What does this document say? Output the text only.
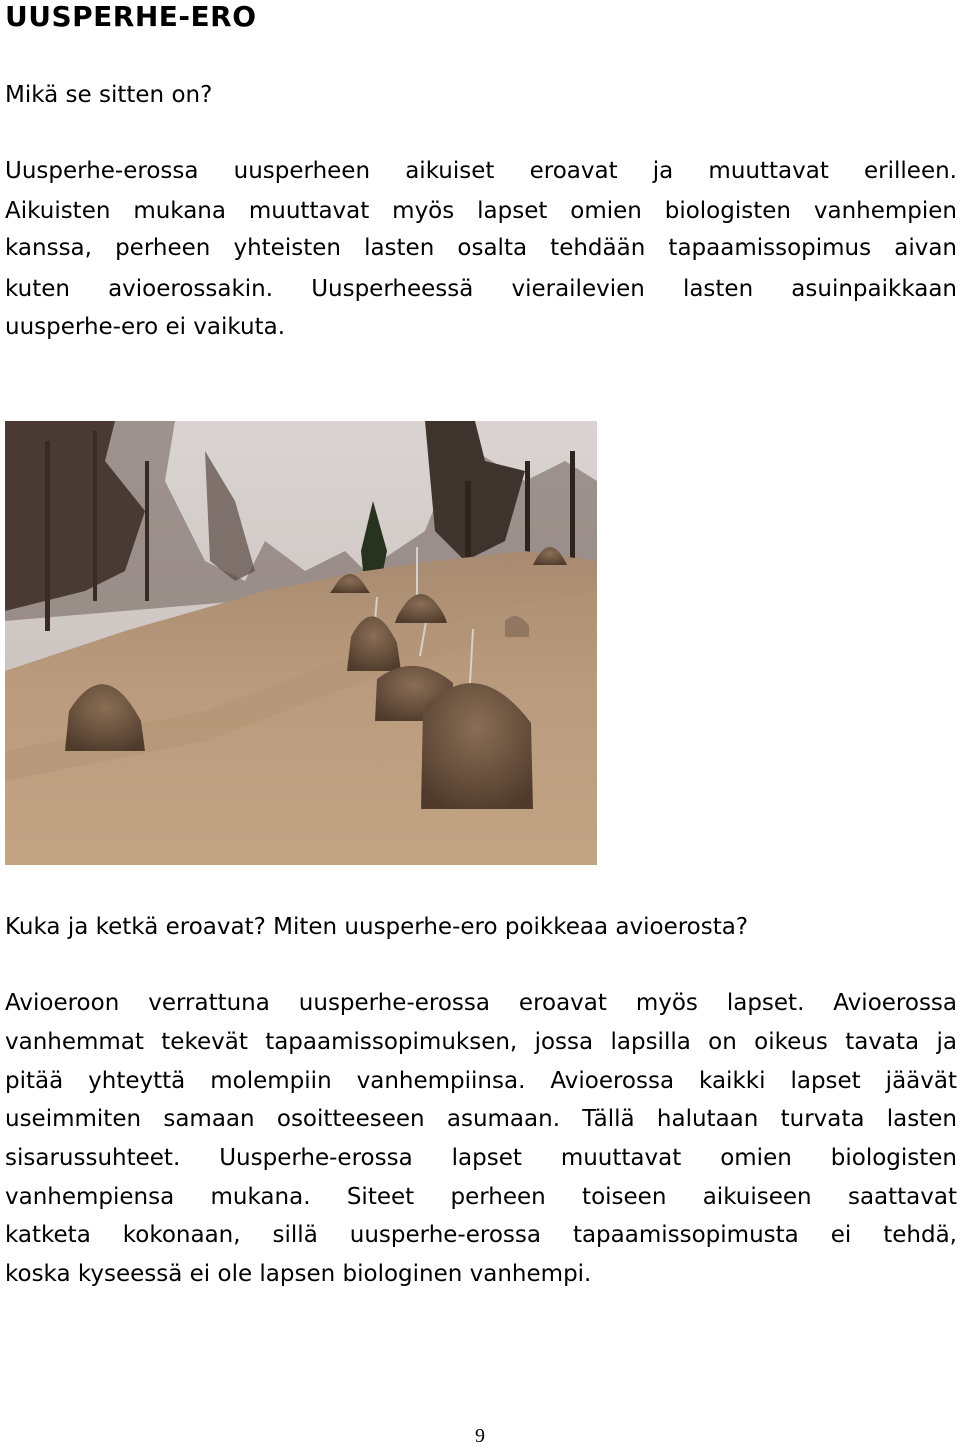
UUSPERHE-ERO

Mikä se sitten on?

Uusperhe-erossa uusperheen aikuiset eroavat ja muuttavat erilleen.

Aikuisten mukana muuttavat myös lapset omien biologisten vanhempien

kanssa, perheen yhteisten lasten osalta tehdään tapaamissopimus aivan

kuten avioerossakin. Uusperheessä vierailevien lasten asuinpaikkaan

uusperhe-ero ei vaikuta.

Kuka ja ketkä eroavat? Miten uusperhe-ero poikkeaa avioerosta?

Avioeroon verrattuna uusperhe-erossa eroavat myös lapset. Avioerossa

vanhemmat tekevät tapaamissopimuksen, jossa lapsilla on oikeus tavata ja

pitää yhteyttä molempiin vanhempiinsa. Avioerossa kaikki lapset jäävät

useimmiten samaan osoitteeseen asumaan. Tällä halutaan turvata lasten

sisarussuhteet. Uusperhe-erossa lapset muuttavat omien biologisten

vanhempiensa mukana. Siteet perheen toiseen aikuiseen saattavat

katketa kokonaan, sillä uusperhe-erossa tapaamissopimusta ei tehdä,

koska kyseessä ei ole lapsen biologinen vanhempi.

9
